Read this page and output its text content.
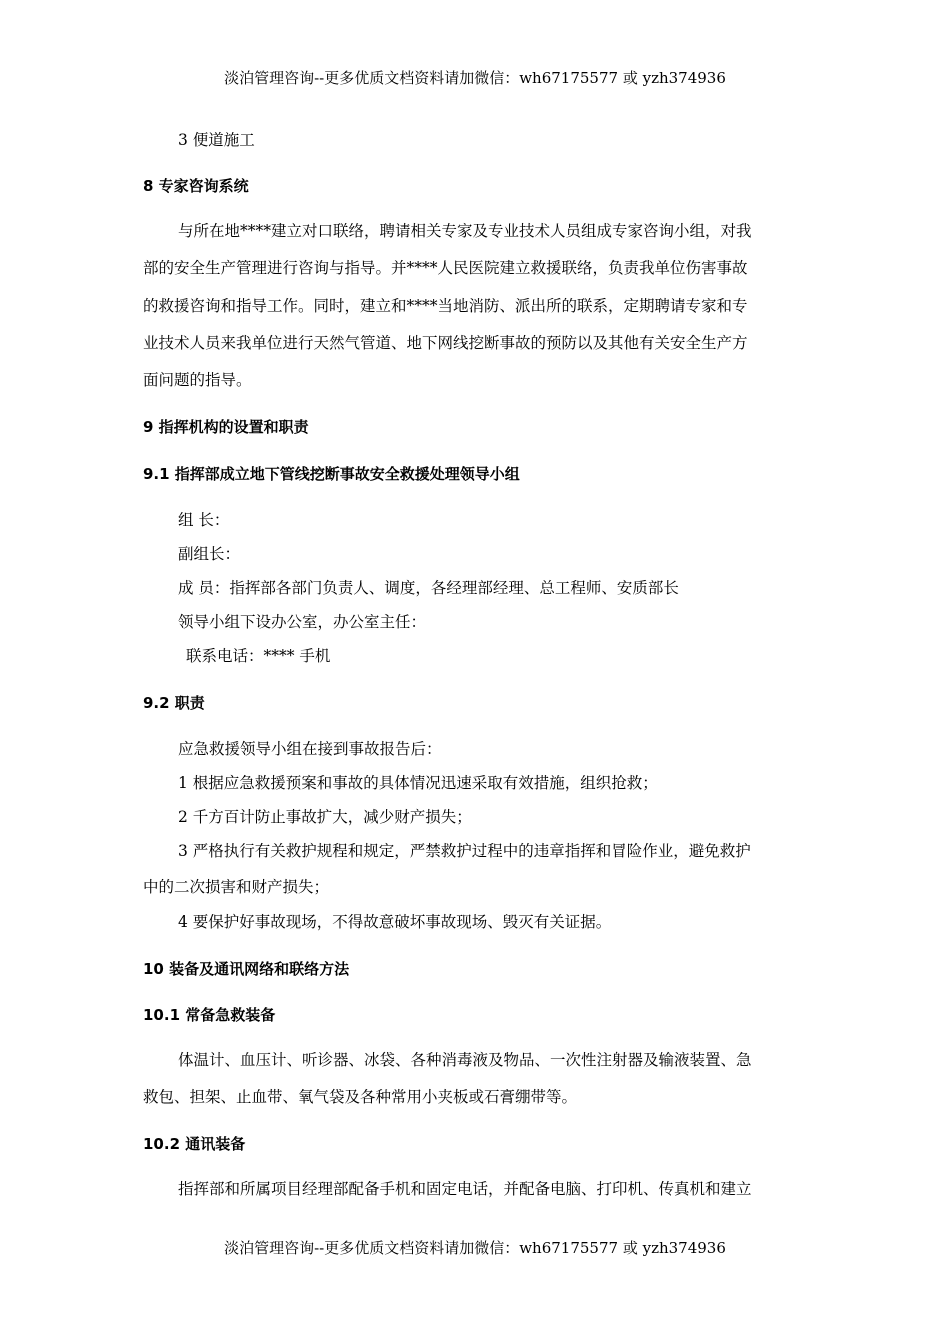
淡泊管理咨询--更多优质文档资料请加微信：wh67175577 或 yzh374936
3 便道施工
8 专家咨询系统
与所在地****建立对口联络，聘请相关专家及专业技术人员组成专家咨询小组，对我
部的安全生产管理进行咨询与指导。并****人民医院建立救援联络，负责我单位伤害事故
的救援咨询和指导工作。同时，建立和****当地消防、派出所的联系，定期聘请专家和专
业技术人员来我单位进行天然气管道、地下网线挖断事故的预防以及其他有关安全生产方
面问题的指导。
9 指挥机构的设置和职责
9.1 指挥部成立地下管线挖断事故安全救援处理领导小组
组 长：
副组长：
成 员：指挥部各部门负责人、调度，各经理部经理、总工程师、安质部长
领导小组下设办公室，办公室主任：
联系电话：**** 手机
9.2 职责
应急救援领导小组在接到事故报告后：
1 根据应急救援预案和事故的具体情况迅速采取有效措施，组织抢救；
2 千方百计防止事故扩大，减少财产损失；
3 严格执行有关救护规程和规定，严禁救护过程中的违章指挥和冒险作业，避免救护
中的二次损害和财产损失；
4 要保护好事故现场，不得故意破坏事故现场、毁灭有关证据。
10 装备及通讯网络和联络方法
10.1 常备急救装备
体温计、血压计、听诊器、冰袋、各种消毒液及物品、一次性注射器及输液装置、急
救包、担架、止血带、氧气袋及各种常用小夹板或石膏绷带等。
10.2 通讯装备
指挥部和所属项目经理部配备手机和固定电话，并配备电脑、打印机、传真机和建立
淡泊管理咨询--更多优质文档资料请加微信：wh67175577 或 yzh374936
